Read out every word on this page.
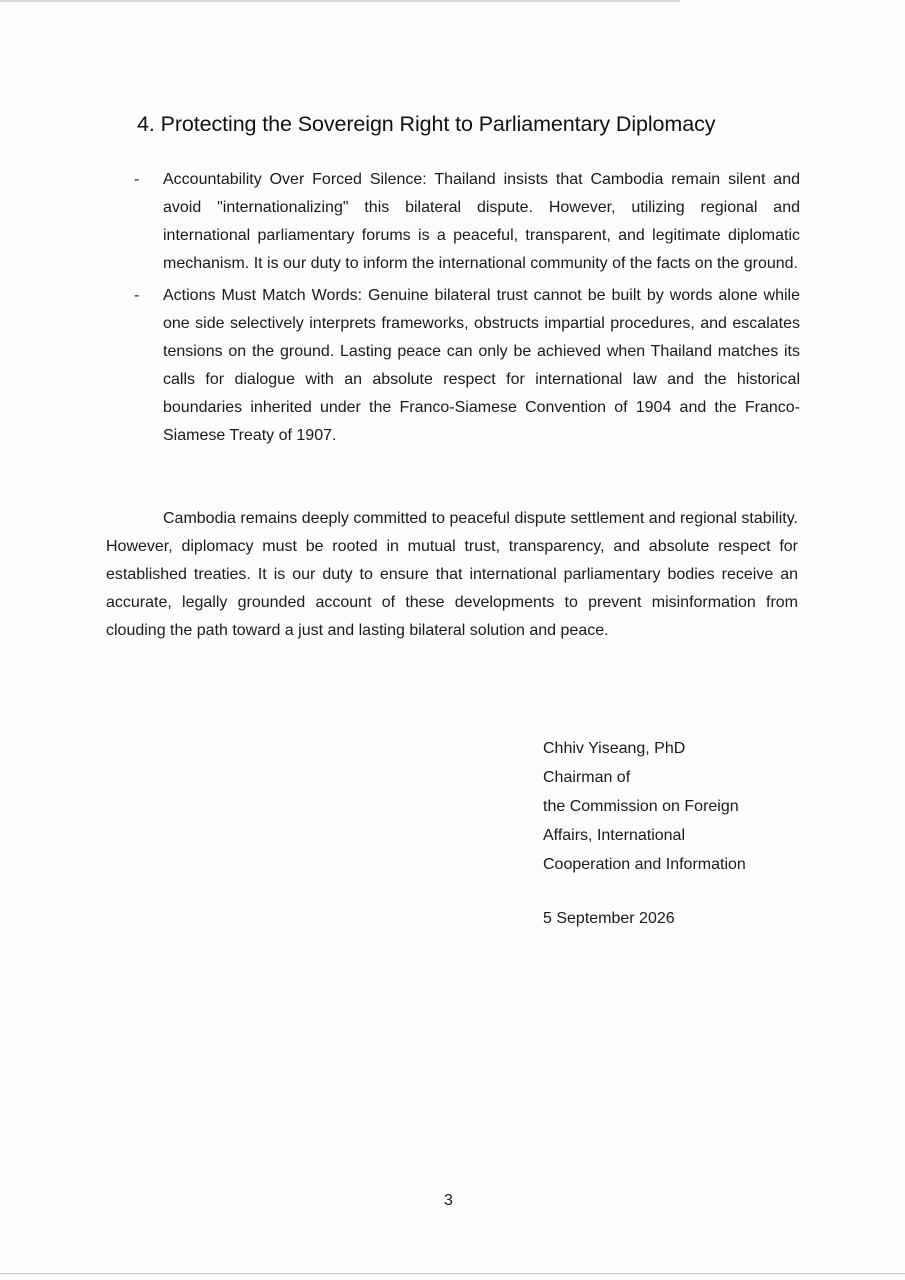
4. Protecting the Sovereign Right to Parliamentary Diplomacy
- Accountability Over Forced Silence: Thailand insists that Cambodia remain silent and avoid "internationalizing" this bilateral dispute. However, utilizing regional and international parliamentary forums is a peaceful, transparent, and legitimate diplomatic mechanism. It is our duty to inform the international community of the facts on the ground.
- Actions Must Match Words: Genuine bilateral trust cannot be built by words alone while one side selectively interprets frameworks, obstructs impartial procedures, and escalates tensions on the ground. Lasting peace can only be achieved when Thailand matches its calls for dialogue with an absolute respect for international law and the historical boundaries inherited under the Franco-Siamese Convention of 1904 and the Franco-Siamese Treaty of 1907.

Cambodia remains deeply committed to peaceful dispute settlement and regional stability. However, diplomacy must be rooted in mutual trust, transparency, and absolute respect for established treaties. It is our duty to ensure that international parliamentary bodies receive an accurate, legally grounded account of these developments to prevent misinformation from clouding the path toward a just and lasting bilateral solution and peace.

Chhiv Yiseang, PhD
Chairman of
the Commission on Foreign
Affairs, International
Cooperation and Information
5 September 2026
3
